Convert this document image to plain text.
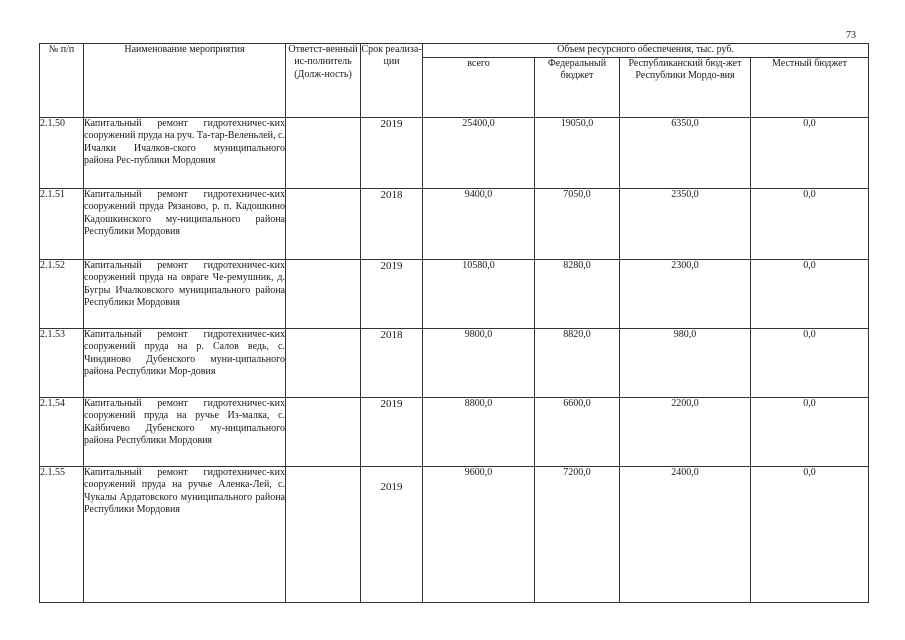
73
№ п/п	Наименование мероприятия	Ответст-венный ис-полнитель (Долж-ность)	Срок реализа-ции	Объем ресурсного обеспечения, тыс. руб.			
				всего	Федеральный бюджет	Республиканский бюд-жет Республики Мордо-вия	Местный бюджет
2.1.50	Капитальный ремонт гидротехничес-ких сооружений пруда на руч. Та-тар-Веленьлей, с. Ичалки Ичалков-ского муниципального района Рес-публики Мордовия		2019	25400,0	19050,0	6350,0	0,0
2.1.51	Капитальный ремонт гидротехничес-ких сооружений пруда Рязаново, р. п. Кадошкино Кадошкинского му-ниципального района Республики Мордовия		2018	9400,0	7050,0	2350,0	0,0
2.1.52	Капитальный ремонт гидротехничес-ких сооружений пруда на овраге Че-ремушник, д. Бугры Ичалковского муниципального района Республики Мордовия		2019	10580,0	8280,0	2300,0	0,0
2.1.53	Капитальный ремонт гидротехничес-ких сооружений пруда на р. Салов ведь, с. Чиндяново Дубенского муни-ципального района Республики Мор-довия		2018	9800,0	8820,0	980,0	0,0
2.1.54	Капитальный ремонт гидротехничес-ких сооружений пруда на ручье Из-малка, с. Кайбичево Дубенского му-ниципального района Республики Мордовия		2019	8800,0	6600,0	2200,0	0,0
2.1.55	Капитальный ремонт гидротехничес-ких сооружений пруда на ручье Аленка-Лей, с. Чукалы Ардатовского муниципального района Республики Мордовия		2019	9600,0	7200,0	2400,0	0,0
